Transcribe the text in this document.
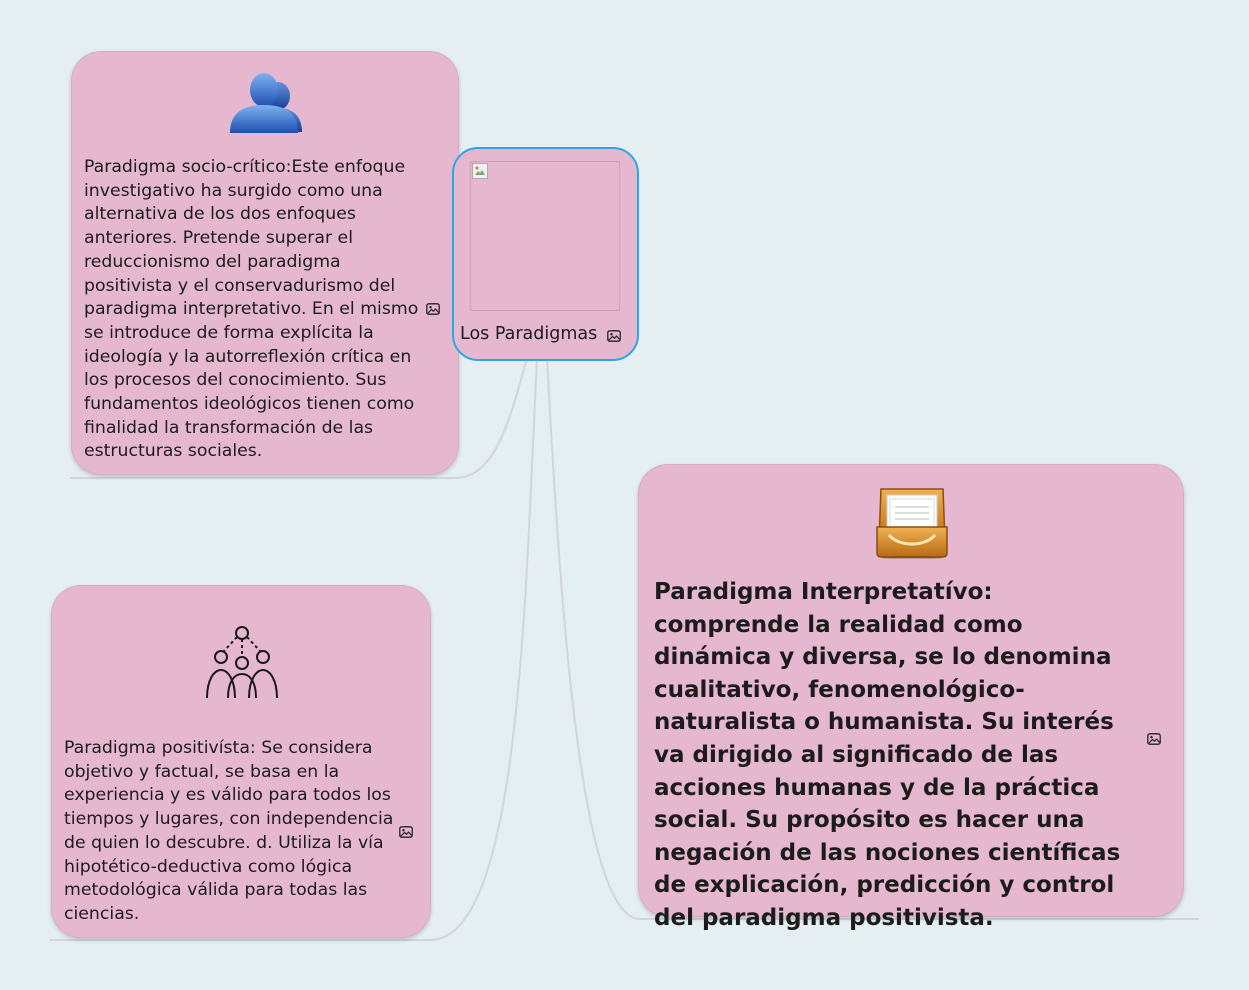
Paradigma socio-crítico:Este enfoque investigativo ha surgido como una alternativa de los dos enfoques anteriores. Pretende superar el reduccionismo del paradigma positivista y el conservadurismo del paradigma interpretativo. En el mismo se introduce de forma explícita la ideología y la autorreflexión crítica en los procesos del conocimiento. Sus fundamentos ideológicos tienen como finalidad la transformación de las estructuras sociales.
Los Paradigmas
Paradigma positivísta: Se considera objetivo y factual, se basa en la experiencia y es válido para todos los tiempos y lugares, con independencia de quien lo descubre. d. Utiliza la vía hipotético-deductiva como lógica metodológica válida para todas las ciencias.
Paradigma Interpretatívo: comprende la realidad como dinámica y diversa, se lo denomina cualitativo, fenomenológico-naturalista o humanista. Su interés va dirigido al significado de las acciones humanas y de la práctica social. Su propósito es hacer una negación de las nociones científicas de explicación, predicción y control del paradigma positivista.
